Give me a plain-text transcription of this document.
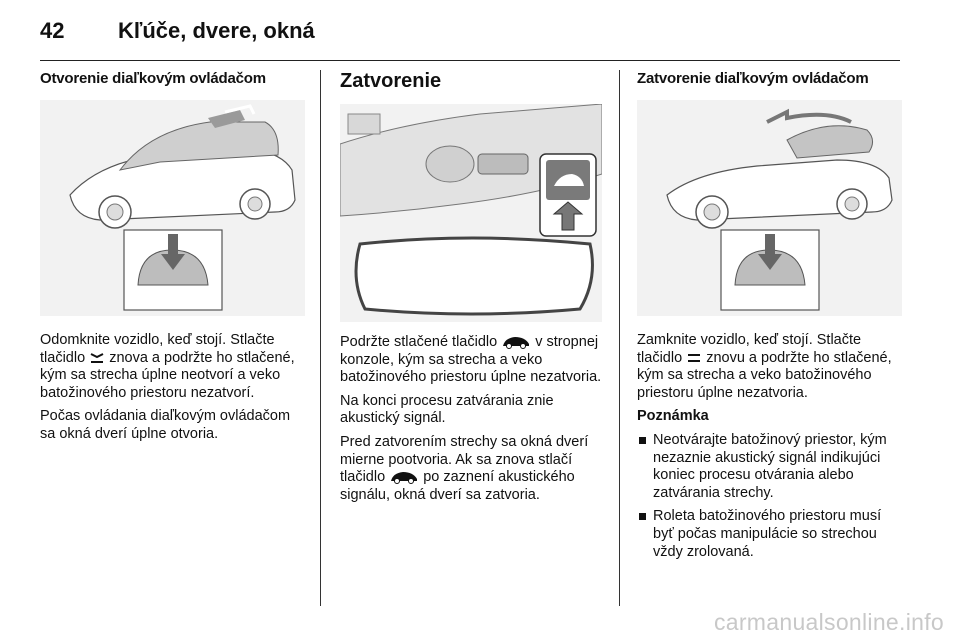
42 Kľúče, dvere, okná
Otvorenie diaľkovým ovládačom

Odomknite vozidlo, keď stojí. Stlačte tlačidlo znova a podržte ho stlačené, kým sa strecha úplne neotvorí a veko batožinového priestoru nezatvorí.

Počas ovládania diaľkovým ovládačom sa okná dverí úplne otvoria.

Zatvorenie

Podržte stlačené tlačidlo	v stropnej konzole, kým sa strecha a veko batožinového priestoru úplne nezatvoria.

Na konci procesu zatvárania znie akustický signál.

Pred zatvorením strechy sa okná dverí mierne pootvoria. Ak sa znova stlačí tlačidlo	po zaznení akustického signálu, okná dverí sa zatvoria.

Zatvorenie diaľkovým ovládačom

Zamknite vozidlo, keď stojí. Stlačte tlačidlo znovu a podržte ho stlačené, kým sa strecha a veko batožinového priestoru úplne nezatvoria.

Poznámka

Neotvárajte batožinový priestor, kým nezaznie akustický signál indikujúci koniec procesu otvárania alebo zatvárania strechy.
Roleta batožinového priestoru musí byť počas manipulácie so strechou vždy zrolovaná.
carmanualsonline.info
